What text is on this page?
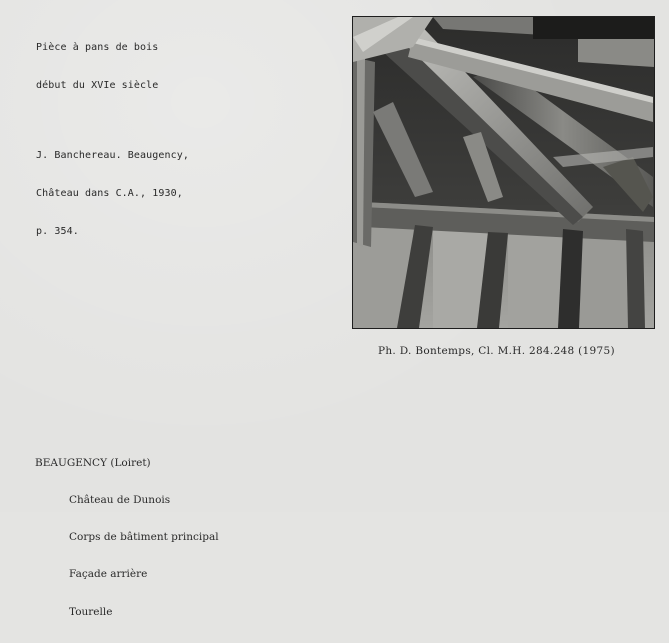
Pièce à pans de bois

début du XVIe siècle

J. Banchereau. Beaugency,

Château dans C.A., 1930,

p. 354.

Ph. D. Bontemps, Cl. M.H. 284.248 (1975)

BEAUGENCY (Loiret)

Château de Dunois

Corps de bâtiment principal

Façade arrière

Tourelle
